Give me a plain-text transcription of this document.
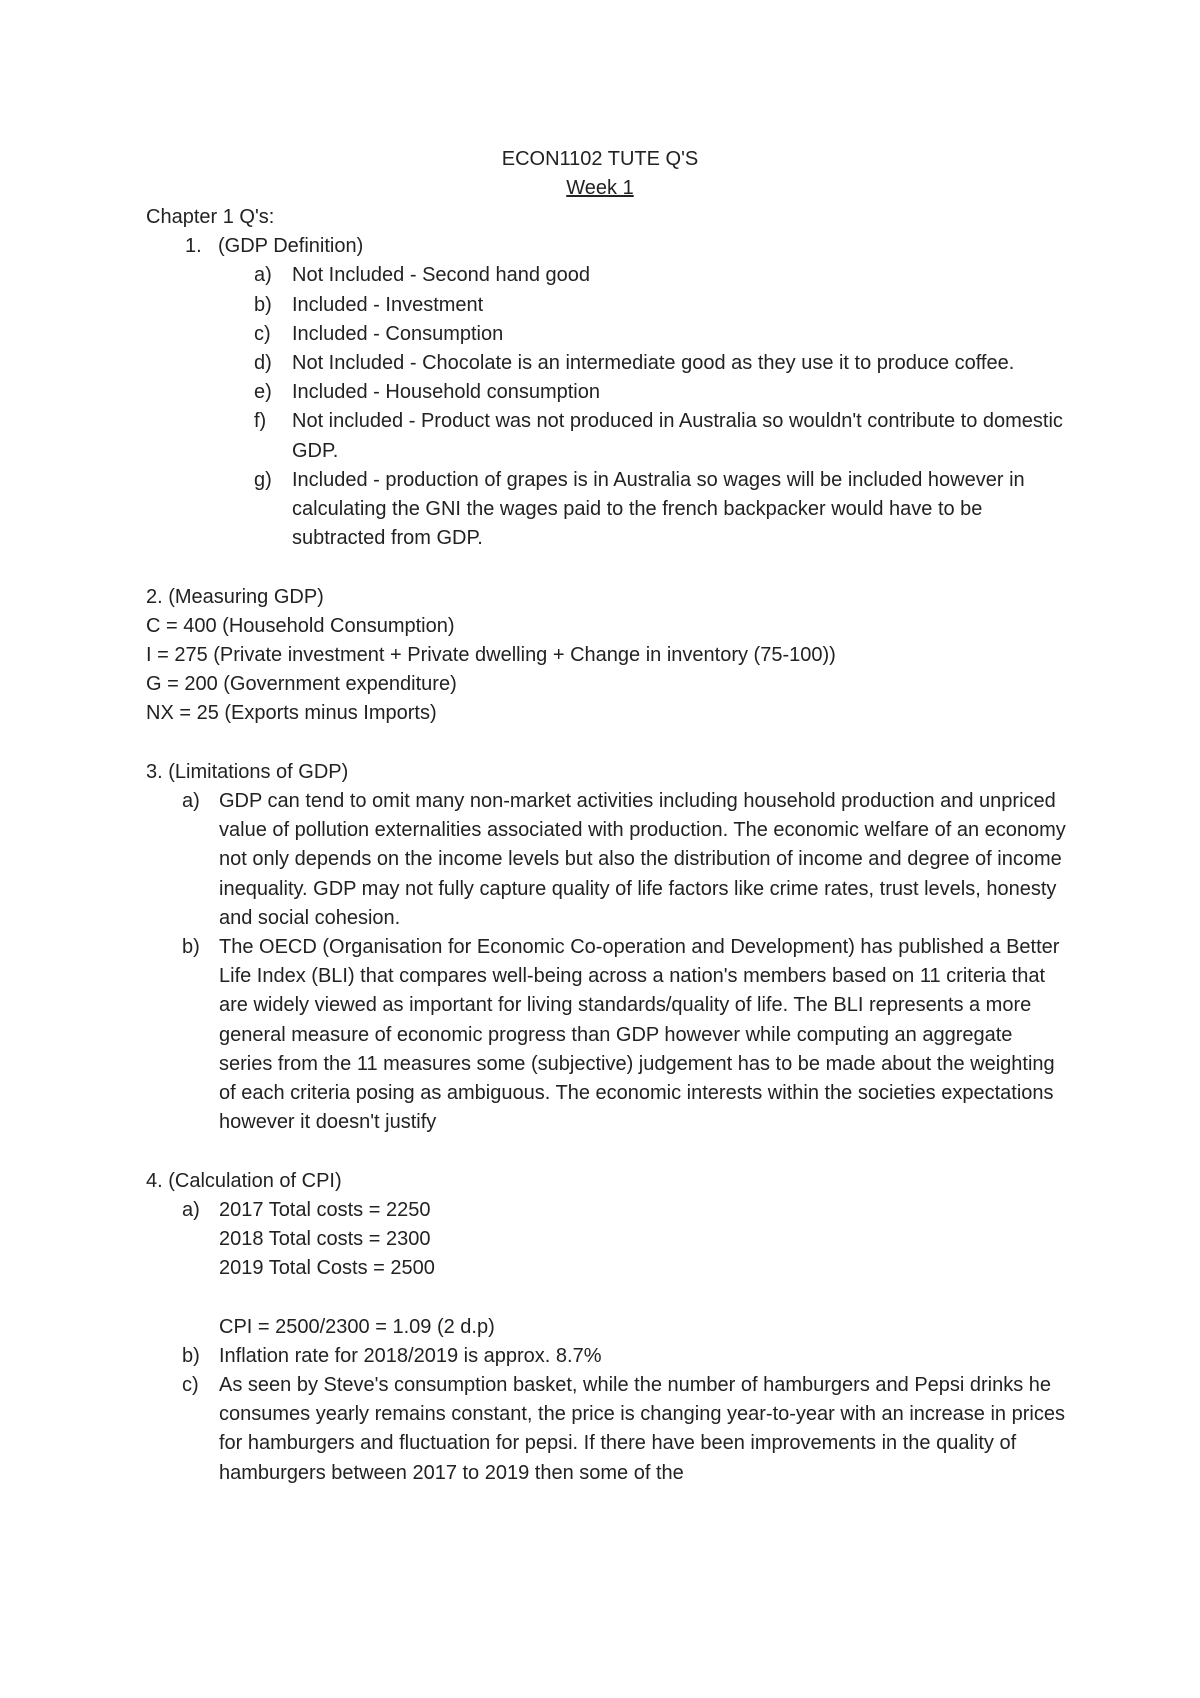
ECON1102 TUTE Q'S
Week 1
Chapter 1 Q's:
1. (GDP Definition)
a)	Not Included - Second hand good
b)	Included - Investment
c)	Included - Consumption
d)	Not Included - Chocolate is an intermediate good as they use it to produce coffee.
e)	Included - Household consumption
f)	Not included - Product was not produced in Australia so wouldn't contribute to domestic GDP.
g)	Included - production of grapes is in Australia so wages will be included however in calculating the GNI the wages paid to the french backpacker would have to be subtracted from GDP.
2. (Measuring GDP)
C = 400 (Household Consumption)
I = 275 (Private investment + Private dwelling + Change in inventory (75-100))
G = 200 (Government expenditure)
NX = 25 (Exports minus Imports)
3. (Limitations of GDP)
a) GDP can tend to omit many non-market activities including household production and unpriced value of pollution externalities associated with production. The economic welfare of an economy not only depends on the income levels but also the distribution of income and degree of income inequality. GDP may not fully capture quality of life factors like crime rates, trust levels, honesty and social cohesion.
b) The OECD (Organisation for Economic Co-operation and Development) has published a Better Life Index (BLI) that compares well-being across a nation's members based on 11 criteria that are widely viewed as important for living standards/quality of life. The BLI represents a more general measure of economic progress than GDP however while computing an aggregate series from the 11 measures some (subjective) judgement has to be made about the weighting of each criteria posing as ambiguous. The economic interests within the societies expectations however it doesn't justify
4. (Calculation of CPI)
a) 2017 Total costs = 2250
2018 Total costs = 2300
2019 Total Costs = 2500
CPI = 2500/2300 = 1.09 (2 d.p)
b) Inflation rate for 2018/2019 is approx. 8.7%
c)	As seen by Steve's consumption basket, while the number of hamburgers and Pepsi drinks he consumes yearly remains constant, the price is changing year-to-year with an increase in prices for hamburgers and fluctuation for pepsi. If there have been improvements in the quality of hamburgers between 2017 to 2019 then some of the
